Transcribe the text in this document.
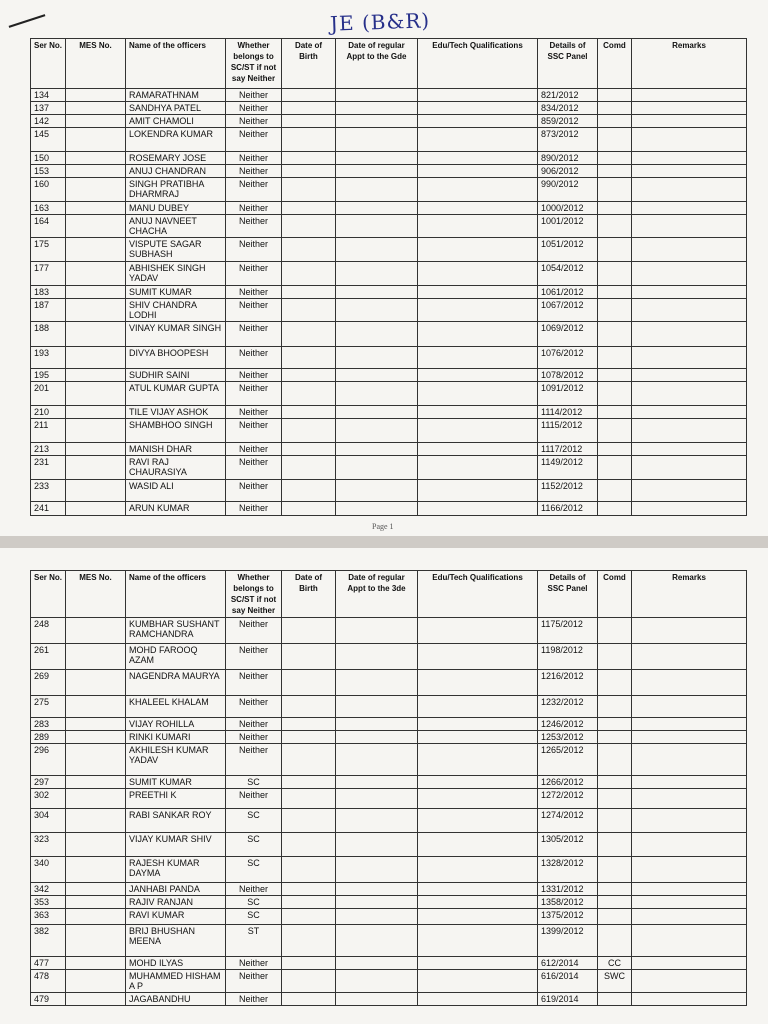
JE (B&R)
Ser No.	MES No.	Name of the officers	Whether belongs to SC/ST if not say Neither	Date of Birth	Date of regular Appt to the Gde	Edu/Tech Qualifications	Details of SSC Panel	Comd	Remarks
134		RAMARATHNAM	Neither				821/2012		
137		SANDHYA PATEL	Neither				834/2012		
142		AMIT CHAMOLI	Neither				859/2012		
145		LOKENDRA KUMAR	Neither				873/2012		
150		ROSEMARY JOSE	Neither				890/2012		
153		ANUJ CHANDRAN	Neither				906/2012		
160		SINGH PRATIBHA DHARMRAJ	Neither				990/2012		
163		MANU DUBEY	Neither				1000/2012		
164		ANUJ NAVNEET CHACHA	Neither				1001/2012		
175		VISPUTE SAGAR SUBHASH	Neither				1051/2012		
177		ABHISHEK SINGH YADAV	Neither				1054/2012		
183		SUMIT KUMAR	Neither				1061/2012		
187		SHIV CHANDRA LODHI	Neither				1067/2012		
188		VINAY KUMAR SINGH	Neither				1069/2012		
193		DIVYA BHOOPESH	Neither				1076/2012		
195		SUDHIR SAINI	Neither				1078/2012		
201		ATUL KUMAR GUPTA	Neither				1091/2012		
210		TILE VIJAY ASHOK	Neither				1114/2012		
211		SHAMBHOO SINGH	Neither				1115/2012		
213		MANISH DHAR	Neither				1117/2012		
231		RAVI RAJ CHAURASIYA	Neither				1149/2012		
233		WASID ALI	Neither				1152/2012		
241		ARUN KUMAR	Neither				1166/2012		
Page 1
Ser No.	MES No.	Name of the officers	Whether belongs to SC/ST if not say Neither	Date of Birth	Date of regular Appt to the 3de	Edu/Tech Qualifications	Details of SSC Panel	Comd	Remarks
248		KUMBHAR SUSHANT RAMCHANDRA	Neither				1175/2012		
261		MOHD FAROOQ AZAM	Neither				1198/2012		
269		NAGENDRA MAURYA	Neither				1216/2012		
275		KHALEEL KHALAM	Neither				1232/2012		
283		VIJAY ROHILLA	Neither				1246/2012		
289		RINKI KUMARI	Neither				1253/2012		
296		AKHILESH KUMAR YADAV	Neither				1265/2012		
297		SUMIT KUMAR	SC				1266/2012		
302		PREETHI K	Neither				1272/2012		
304		RABI SANKAR ROY	SC				1274/2012		
323		VIJAY KUMAR SHIV	SC				1305/2012		
340		RAJESH KUMAR DAYMA	SC				1328/2012		
342		JANHABI PANDA	Neither				1331/2012		
353		RAJIV RANJAN	SC				1358/2012		
363		RAVI KUMAR	SC				1375/2012		
382		BRIJ BHUSHAN MEENA	ST				1399/2012		
477		MOHD ILYAS	Neither				612/2014	CC	
478		MUHAMMED HISHAM A P	Neither				616/2014	SWC	
479		JAGABANDHU	Neither				619/2014		
